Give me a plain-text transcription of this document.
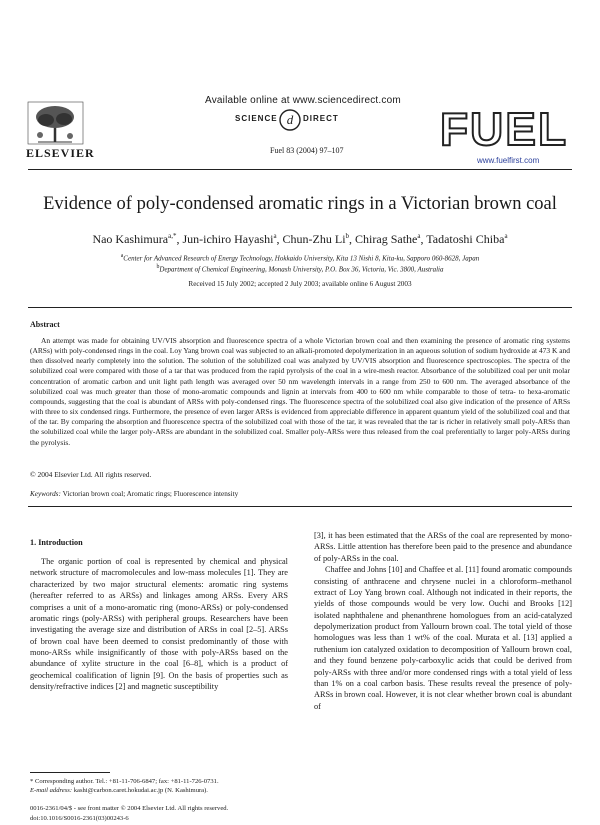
Available online at www.sciencedirect.com
SCIENCE d DIRECT
ELSEVIER	Fuel 83 (2004) 97–107 FUEL
www.fuelfirst.com
Evidence of poly-condensed aromatic rings in a Victorian brown coal
Nao Kashimura$^{a,*}$, Jun-ichiro Hayashi$^a$, Chun-Zhu Li$^b$, Chirag Sathe$^a$, Tadatoshi Chiba$^a$
$^a$Center for Advanced Research of Energy Technology, Hokkaido University, Kita 13 Nishi 8, Kita-ku, Sapporo 060-8628, Japan
$^b$Department of Chemical Engineering, Monash University, P.O. Box 36, Victoria, Vic. 3800, Australia
Received 15 July 2002; accepted 2 July 2003; available online 6 August 2003
Abstract
An attempt was made for obtaining UV/VIS absorption and fluorescence spectra of a whole Victorian brown coal and then examining the presence of aromatic ring systems (ARSs) with poly-condensed rings in the coal. Loy Yang brown coal was subjected to an alkali-promoted depolymerization in an aqueous solution of sodium hydroxide at 473 K and then dissolved nearly completely into the solution. The solution of the solubilized coal was analyzed by UV/VIS absorption and fluorescence spectroscopies. The spectra of the solubilized coal were compared with those of a tar that was produced from the rapid pyrolysis of the coal in a wire-mesh reactor. Absorbance of the solubilized coal per unit molar concentration of aromatic carbon and unit light path length was averaged over 50 nm wavelength intervals in a range from 250 to 600 nm. The averaged absorbance of the solubilized coal was much greater than those of mono-aromatic compounds and lignin at intervals from 400 to 600 nm while comparable to those of tetra- to hexa-aromatic compounds, suggesting that the coal is abundant of ARSs with poly-condensed rings. The fluorescence spectra of the solubilized coal also give indication of the presence of ARSs with three to six condensed rings. Furthermore, the presence of even larger ARSs is evidenced from appreciable difference in apparent quantum yield of the solubilized coal and that of the tar. By comparing the absorption and fluorescence spectra of the solubilized coal with those of the tar, it was revealed that the tar is richer in relatively small poly-ARSs than the solubilized coal while the larger poly-ARSs are abundant in the solubilized coal. Smaller poly-ARSs were thus released from the coal preferentially to larger poly-ARSs during the pyrolysis.
© 2004 Elsevier Ltd. All rights reserved.
Keywords: Victorian brown coal; Aromatic rings; Fluorescence intensity
1. Introduction
The organic portion of coal is represented by chemical and physical network structure of macromolecules and low-mass molecules [1]. They are characterized by two major structural elements: aromatic ring systems (hereafter referred to as ARSs) and linkages among ARSs. Every ARS comprises a unit of a mono-aromatic ring (mono-ARSs) or poly-condensed aromatic rings (poly-ARSs) with peripheral groups. Researchers have been investigating the average size and distribution of ARSs in coal [2–5]. ARSs of brown coal have been deemed to consist predominantly of those with mono-ARSs while insignificantly of those with poly-ARSs based on the abundance of xylite structure in the coal [6–8], which is a product of geochemical coalification of lignin [9]. On the basis of properties such as density/refractive indices [2] and magnetic susceptibility

[3], it has been estimated that the ARSs of the coal are represented by mono-ARSs. Little attention has therefore been paid to the presence and abundance of poly-ARSs in the coal.

Chaffee and Johns [10] and Chaffee et al. [11] found aromatic compounds consisting of anthracene and chrysene nuclei in a chloroform–methanol extract of Loy Yang brown coal. Although not indicated in their reports, the yields of those compounds would be very low. Ouchi and Brooks [12] isolated naphthalene and phenanthrene homologues from an acid-catalyzed depolymerization product from Yallourn brown coal. The total yield of those homologues was less than 1 wt% of the coal. Murata et al. [13] applied a ruthenium ion catalyzed oxidation to decomposition of Yallourn brown coal, and they found benzene poly-carboxylic acids that could be derived from poly-ARSs with three and/or more condensed rings with a total yield of less than 1% on a coal carbon basis. These results reveal the presence of poly-ARSs in brown coal. However, it is not clear whether brown coal is abundant of

* Corresponding author. Tel.: +81-11-706-6847; fax: +81-11-726-0731.
E-mail address: kashi@carbon.caret.hokudai.ac.jp (N. Kashimura).
0016-2361/04/$ - see front matter © 2004 Elsevier Ltd. All rights reserved.
doi:10.1016/S0016-2361(03)00243-6
